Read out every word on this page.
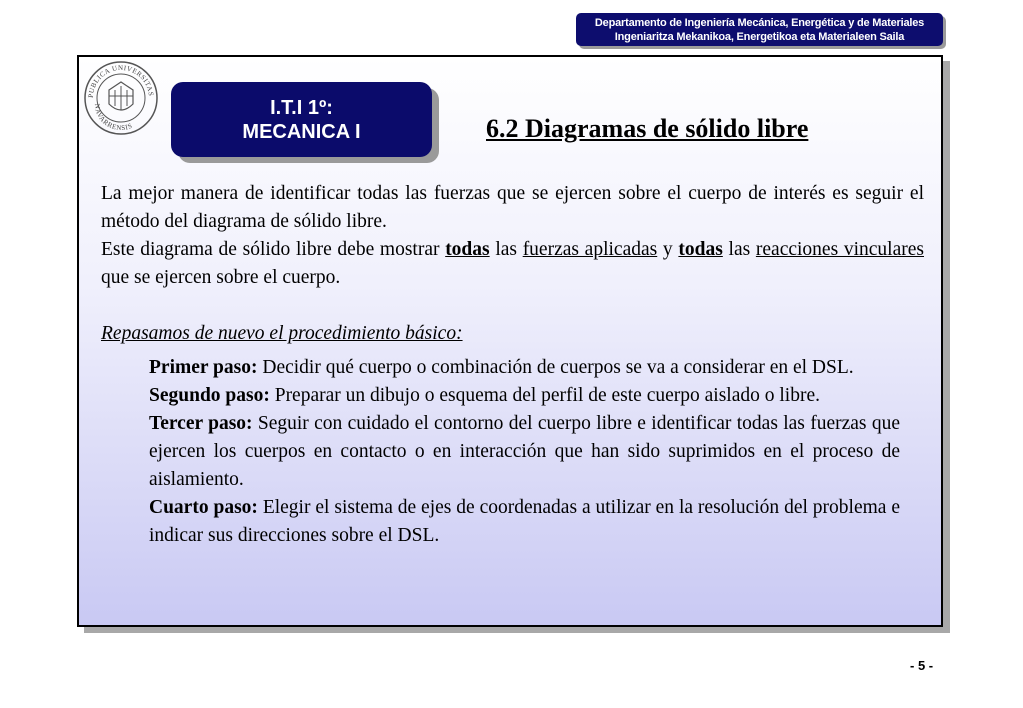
Departamento de Ingeniería Mecánica, Energética y de Materiales
Ingeniaritza Mekanikoa, Energetikoa eta Materialeen Saila
PUBLICA UNIVERSITAS
NAVARRENSIS
I.T.I 1º:
MECANICA I	6.2 Diagramas de sólido libre

La mejor manera de identificar todas las fuerzas que se ejercen sobre el cuerpo de interés es seguir el método del diagrama de sólido libre.

Este diagrama de sólido libre debe mostrar todas las fuerzas aplicadas y todas las reacciones vinculares que se ejercen sobre el cuerpo.

Repasamos de nuevo el procedimiento básico:

Primer paso: Decidir qué cuerpo o combinación de cuerpos se va a considerar en el DSL.

Segundo paso: Preparar un dibujo o esquema del perfil de este cuerpo aislado o libre.

Tercer paso: Seguir con cuidado el contorno del cuerpo libre e identificar todas las fuerzas que ejercen los cuerpos en contacto o en interacción que han sido suprimidos en el proceso de aislamiento.

Cuarto paso: Elegir el sistema de ejes de coordenadas a utilizar en la resolución del problema e indicar sus direcciones sobre el DSL.

- 5 -
